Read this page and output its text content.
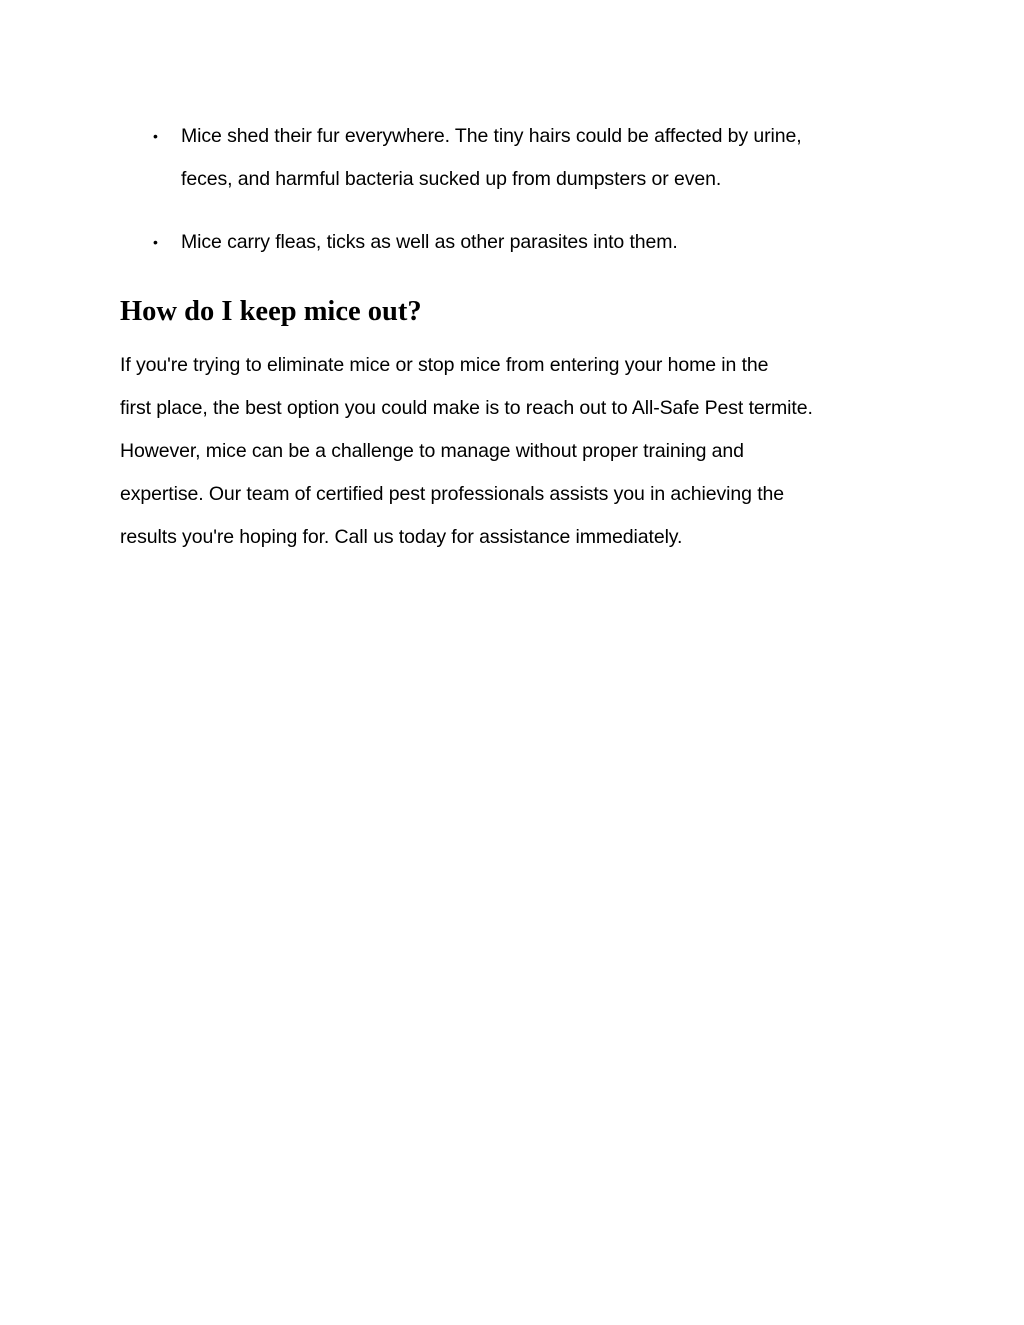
• Mice shed their fur everywhere. The tiny hairs could be affected by urine,
feces, and harmful bacteria sucked up from dumpsters or even.
• Mice carry fleas, ticks as well as other parasites into them.
How do I keep mice out?

If you're trying to eliminate mice or stop mice from entering your home in the
first place, the best option you could make is to reach out to All-Safe Pest termite.
However, mice can be a challenge to manage without proper training and
expertise. Our team of certified pest professionals assists you in achieving the
results you're hoping for. Call us today for assistance immediately.
